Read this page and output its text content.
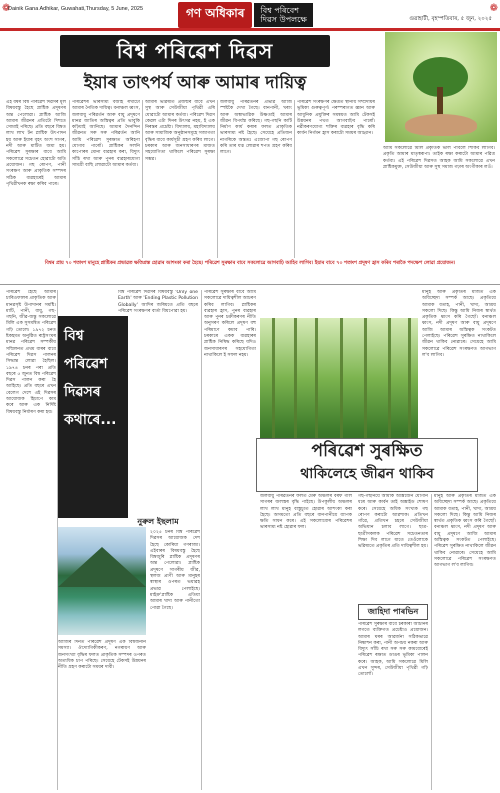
❁
Dainik Gana Adhikar, Guwahati,Thursday, 5 June, 2025	গণ অধিকাৰ	বিশ্ব পৰিবেশ
দিৱস উপলক্ষে	গুৱাহাটী, বৃহস্পতিবাৰ, ৫ জুন, ২০২৫
❁
বিশ্ব পৰিৱেশ দিৱস
ইয়াৰ তাৎপৰ্য আৰু আমাৰ দায়িত্ব
এই বৰ্ষৰ বিশ্ব পৰিৱেশ দিৱসৰ মূল বিষয়বস্তু হৈছে প্লাষ্টিক প্ৰদূষণৰ অন্ত পেলোৱা। প্লাষ্টিক আজি আমাৰ জীৱনৰ প্ৰতিটো দিশতে সোমাই পৰিছে। প্ৰতি বছৰে বিশ্বত লাখ লাখ টন প্লাষ্টিক উৎপাদন হয় আৰু ইয়াৰ বৃহৎ অংশ সাগৰ, নদী আৰু মাটিত জমা হয়। পৰিৱেশ সুৰক্ষাৰ বাবে আমি সকলোৱে সচেতন হোৱাটো অতি প্ৰয়োজন। গছ ৰোপণ, পানী সংৰক্ষণ আৰু প্ৰাকৃতিক সম্পদৰ সঠিক ব্যৱহাৰেই আমাৰ পৃথিৱীখনক ৰক্ষা কৰিব পাৰে।
পৰিৱেশৰ ভাৰসাম্য বজাই ৰখাটো আমাৰ নৈতিক দায়িত্ব। বনাঞ্চল ধ্বংস, জলবায়ু পৰিৱৰ্তন আৰু বায়ু প্ৰদূষণে মানৱ জাতিৰ অস্তিত্বৰ প্ৰতি ভাবুকি কঢ়িয়াই আনিছে। আমাৰ দৈনন্দিন জীৱনত সৰু সৰু পৰিৱৰ্তন আনি আমি পৰিৱেশ সুৰক্ষাত অৰিহণা যোগাব পাৰোঁ। প্লাষ্টিকৰ সলনি কাপোৰৰ মোনা ব্যৱহাৰ কৰা, বিদ্যুৎ সাঁচি ৰখা আৰু পুনৰ ব্যৱহাৰযোগ্য সামগ্ৰী বাছি লোৱাটো আমাৰ কৰ্তব্য।
আমাৰ ভৱিষ্যত প্ৰজন্মৰ বাবে এখন সুস্থ আৰু সেউজীয়া পৃথিৱী এৰি যোৱাটো আমাৰ কৰ্তব্য। পৰিৱেশ দিৱস কেৱল এটা দিনৰ উৎসৱ নহয়, ই এক নিৰন্তৰ প্ৰচেষ্টা। বিদ্যালয়, মহাবিদ্যালয় আৰু সামাজিক অনুষ্ঠানসমূহে সজাগতা বৃদ্ধিৰ বাবে কাৰ্যসূচী গ্ৰহণ কৰিব লাগে। চৰকাৰ আৰু জনসাধাৰণৰ মাজত সহযোগিতা থাকিলে পৰিৱেশ সুৰক্ষা সম্ভৱ।
জলবায়ু পৰিৱৰ্তনৰ প্ৰভাৱ আজি স্পষ্টকৈ দেখা গৈছে। বানপানী, খৰাং আৰু অস্বাভাৱিক উষ্ণতাই আমাৰ জীৱন বিপৰ্যস্ত কৰিছে। গছ-গছনি কাটি নিৰ্মাণ কাৰ্য কৰাৰ ফলত প্ৰাকৃতিক ভাৰসাম্য নষ্ট হৈছে। সেয়েহে প্ৰতিজন নাগৰিকে অন্ততঃ এজোপা গছ ৰোপণ কৰি তাৰ যত্ন লোৱাৰ শপত গ্ৰহণ কৰিব লাগে।
পৰিৱেশ সংৰক্ষণৰ ক্ষেত্ৰত স্থানীয় সম্প্ৰদায়ৰ ভূমিকা গুৰুত্বপূৰ্ণ। পৰম্পৰাগত জ্ঞান আৰু আধুনিক প্ৰযুক্তিৰ সমন্বয়ত আমি টেকসই উন্নয়নৰ পথত আগবাঢ়িব পাৰোঁ। নৱীকৰণযোগ্য শক্তিৰ ব্যৱহাৰ বৃদ্ধি কৰি কাৰ্বন নিৰ্গমন হ্ৰাস কৰাটো সময়ৰ আহ্বান।
আমি সকলোৱে মিলি প্ৰকৃতিক ভাল পাবলৈ শিকিব লাগিব। প্ৰকৃতি আমাৰ মাতৃস্বৰূপা। তাইক ৰক্ষা কৰাটো আমাৰ পৱিত্ৰ কৰ্তব্য। এই পৰিৱেশ দিৱসত আহক আমি সকলোৱে এখন প্লাষ্টিকমুক্ত, সেউজীয়া আৰু সুস্থ সমাজ গঢ়াৰ অংগীকাৰ লওঁ।
বিশ্বৰ প্ৰায় ৭০ শতাংশ মানুহে প্লাষ্টিকৰ প্ৰভাৱত ক্ষতিগ্ৰস্ত হোৱাৰ আশংকা কৰা হৈছে। পৰিৱেশ সুৰক্ষাৰ বাবে সকলোৱে আগবাঢ়ি আহিব লাগিব। ইয়াৰ বাবে ৭০ শতাংশ প্ৰদূষণ হ্ৰাস কৰিব পৰাকৈ পদক্ষেপ লোৱা প্ৰয়োজন।
পৰিৱেশ হৈছে আমাৰ চাৰিওফালৰ প্ৰাকৃতিক আৰু মানৱসৃষ্ট উপাদানৰ সমষ্টি। মাটি, পানী, বায়ু, গছ-গছনি, জীৱ-জন্তু সকলোৱে মিলি এক সুসমন্বিত পৰিৱেশ গঢ়ি তোলে। ১৯৭২ চনত ষ্টকহমত অনুষ্ঠিত ৰাষ্ট্ৰসংঘৰ মানৱ পৰিৱেশ সম্পৰ্কীয় সন্মিলনত প্ৰথম বাৰৰ বাবে পৰিৱেশ দিৱস পালনৰ সিদ্ধান্ত লোৱা হৈছিল। ১৯৭৪ চনৰ পৰা প্ৰতি বছৰে ৫ জুনত বিশ্ব পৰিৱেশ দিৱস পালন কৰা হৈ আহিছে। প্ৰতি বছৰে এখন বেলেগ দেশে এই দিৱসৰ আয়োজক হিচাপে কাম কৰে আৰু এক নিৰ্দিষ্ট বিষয়বস্তু নিৰ্ধাৰণ কৰা হয়।
বিশ্ব
পৰিৱেশ
দিৱসৰ
কথাৰে...
বিশ্ব পৰিৱেশ দিৱসৰ বিষয়বস্তু 'Only one Earth' আৰু 'Ending Plastic Pollution Globally' আদিৰ জৰিয়তে প্ৰতি বছৰে পৰিৱেশ সংৰক্ষণৰ বাৰ্তা বিয়পোৱা হয়।
নুৰুল ইছলাম
২০২৫ চনৰ বিশ্ব পৰিৱেশ দিৱসৰ আয়োজক দেশ হৈছে কোৰিয়া গণৰাজ্য। এইবাৰৰ বিষয়বস্তু হৈছে বিশ্বজুৰি প্লাষ্টিক প্ৰদূষণৰ অন্ত পেলোৱা। প্লাষ্টিক প্ৰদূষণে সাগৰীয় জীৱ, স্থলজ প্ৰাণী আৰু মানুহৰ স্বাস্থ্যৰ ওপৰত ভয়াৱহ প্ৰভাৱ পেলাইছে। মাইক্ৰ'প্লাষ্টিক এতিয়া আমাৰ খাদ্য আৰু পানীতো পোৱা গৈছে।
পৰিৱেশ সুৰক্ষাৰ বাবে আমি সকলোৱে দায়িত্বশীল আচৰণ কৰিব লাগিব। প্লাষ্টিকৰ ব্যৱহাৰ হ্ৰাস, পুনৰ ব্যৱহাৰ আৰু পুনৰ চক্ৰীকৰণৰ নীতি অনুসৰণ কৰিলে প্ৰদূষণ বহু পৰিমাণে কমাব পাৰি। চৰকাৰে একক ব্যৱহাৰৰ প্লাষ্টিক নিষিদ্ধ কৰিছে যদিও জনসাধাৰণৰ সহযোগিতা নাথাকিলে ই সফল নহয়।
আজিৰ দিনত পৰিৱেশ প্ৰদূষণ এক বিশ্বজনীন সমস্যা। ঔদ্যোগিকীকৰণ, নগৰায়ণ আৰু জনসংখ্যা বৃদ্ধিৰ ফলত প্ৰাকৃতিক সম্পদৰ ওপৰত অত্যধিক চাপ পৰিছে। সেয়েহে টেকসই উন্নয়নৰ নীতি গ্ৰহণ কৰাটো সময়ৰ দাবী।
পৰিৱেশ সুৰক্ষিত
থাকিলেহে জীৱন থাকিব
মানুহ আৰু প্ৰকৃতিৰ মাজত এক অবিচ্ছেদ্য সম্পৰ্ক আছে। প্ৰকৃতিয়ে আমাক বতাহ, পানী, খাদ্য, আশ্ৰয় সকলো দিছে। কিন্তু আমি নিজৰ স্বাৰ্থত প্ৰকৃতিক ধ্বংস কৰি গৈছোঁ। বনাঞ্চল ধ্বংস, নদী প্ৰদূষণ আৰু বায়ু প্ৰদূষণে আজি আমাৰ অস্তিত্বক সংকটত পেলাইছে। পৰিৱেশ সুৰক্ষিত নাথাকিলে জীৱন থাকিব নোৱাৰে। সেয়েহে আমি সকলোৱে পৰিৱেশ সংৰক্ষণত আগভাগ ল'ব লাগিব।
জলবায়ু পৰিৱৰ্তনৰ ফলত মেৰু অঞ্চলৰ বৰফ গলি সাগৰৰ জলস্তৰ বৃদ্ধি পাইছে। উপকূলীয় অঞ্চলৰ লাখ লাখ মানুহ বাস্তুচ্যুত হোৱাৰ আশংকা কৰা হৈছে। অসমতো প্ৰতি বছৰে বানপানীয়ে ব্যাপক ক্ষতি সাধন কৰে। এই সকলোবোৰ পৰিৱেশৰ ভাৰসাম্য নষ্ট হোৱাৰ ফল।
জাহিদা পাৰভিন
গছ-গছনিয়ে আমাক অক্সিজেন যোগান ধৰে আৰু কাৰ্বন ডাই অক্সাইড শোষণ কৰে। সেয়েহে অধিক সংখ্যক গছ ৰোপণ কৰাটো আৱশ্যক। প্ৰতিখন গাঁৱে, প্ৰতিখন চহৰে সেউজীয়া অভিযান চলাব লাগে। ছাত্ৰ-ছাত্ৰীসকলক পৰিৱেশ সচেতনতাৰ শিক্ষা দিব লাগে যাতে তেওঁলোকে ভৱিষ্যতে প্ৰকৃতিৰ প্ৰতি দায়িত্বশীল হয়।
পৰিৱেশ সুৰক্ষাৰ বাবে চৰকাৰী আঁচনিৰ লগতে ব্যক্তিগত প্ৰচেষ্টাও প্ৰয়োজন। আমাৰ ঘৰৰ আৱৰ্জনা সঠিকভাৱে নিষ্কাশন কৰা, পানী অপচয় নকৰা আৰু বিদ্যুৎ সাঁচি ৰখা সৰু সৰু কামবোৰেই পৰিৱেশ ৰক্ষাত ডাঙৰ ভূমিকা পালন কৰে। আহক, আমি সকলোৱে মিলি এখন সুন্দৰ, সেউজীয়া পৃথিৱী গঢ়ি তোলোঁ।
মানুহ আৰু প্ৰকৃতিৰ মাজত এক অবিচ্ছেদ্য সম্পৰ্ক আছে। প্ৰকৃতিয়ে আমাক বতাহ, পানী, খাদ্য, আশ্ৰয় সকলো দিছে। কিন্তু আমি নিজৰ স্বাৰ্থত প্ৰকৃতিক ধ্বংস কৰি গৈছোঁ। বনাঞ্চল ধ্বংস, নদী প্ৰদূষণ আৰু বায়ু প্ৰদূষণে আজি আমাৰ অস্তিত্বক সংকটত পেলাইছে। পৰিৱেশ সুৰক্ষিত নাথাকিলে জীৱন থাকিব নোৱাৰে। সেয়েহে আমি সকলোৱে পৰিৱেশ সংৰক্ষণত আগভাগ ল'ব লাগিব।
